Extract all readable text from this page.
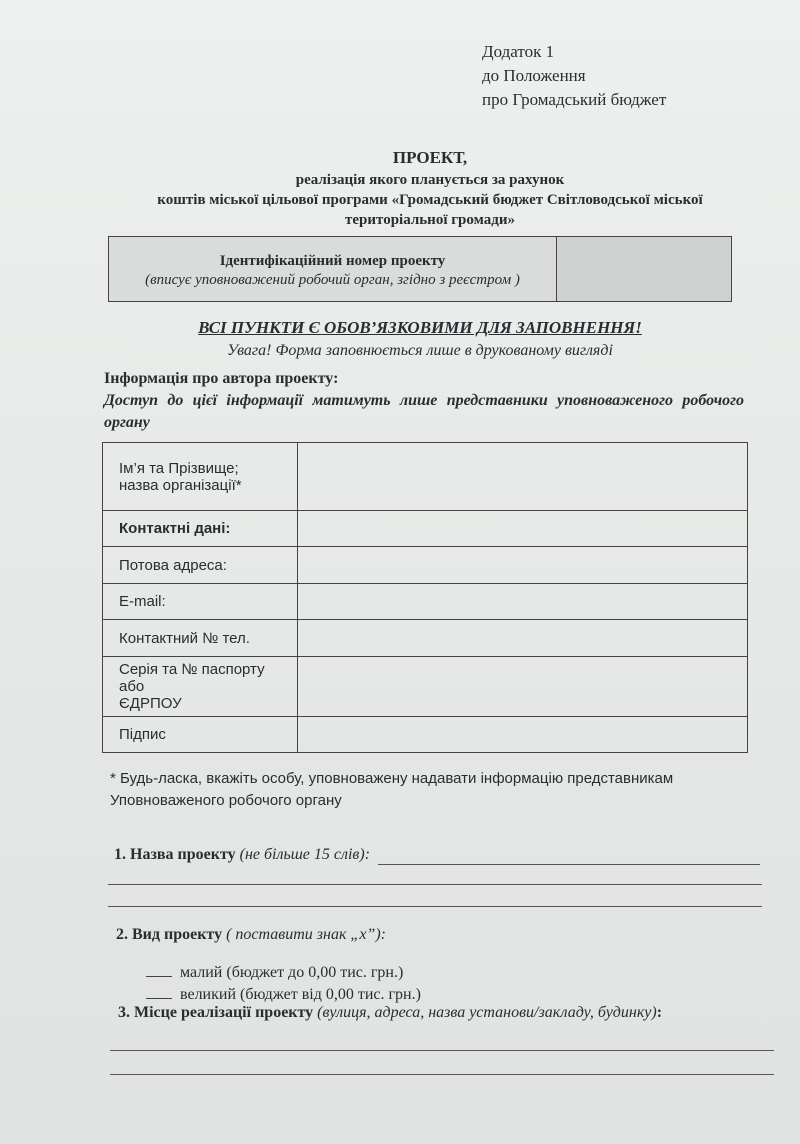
Додаток 1
до Положення
про Громадський бюджет
ПРОЕКТ,
реалізація якого планується за рахунок
коштів міської цільової програми «Громадський бюджет Світловодської міської
територіальної громади»
Ідентифікаційний номер проекту
(вписує уповноважений робочий орган, згідно з реєстром )
ВСІ ПУНКТИ Є ОБОВ’ЯЗКОВИМИ ДЛЯ ЗАПОВНЕННЯ!
Увага! Форма заповнюється лише в друкованому вигляді
Інформація про автора проекту:
Доступ до цієї інформації матимуть лише представники уповноваженого робочого органу
Ім’я та Прізвище;
назва організації*	

Контактні дані:	
Потова адреса:	
E-mail:	
Контактний № тел.	

Серія та № паспорту або
ЄДРПОУ	

Підпис	
* Будь-ласка, вкажіть особу, уповноважену надавати інформацію представникам
Уповноваженого робочого органу
1. Назва проекту (не більше 15 слів):
2. Вид проекту ( поставити знак „х”):
малий (бюджет до 0,00 тис. грн.)
великий (бюджет від 0,00 тис. грн.)
3. Місце реалізації проекту (вулиця, адреса, назва установи/закладу, будинку):
